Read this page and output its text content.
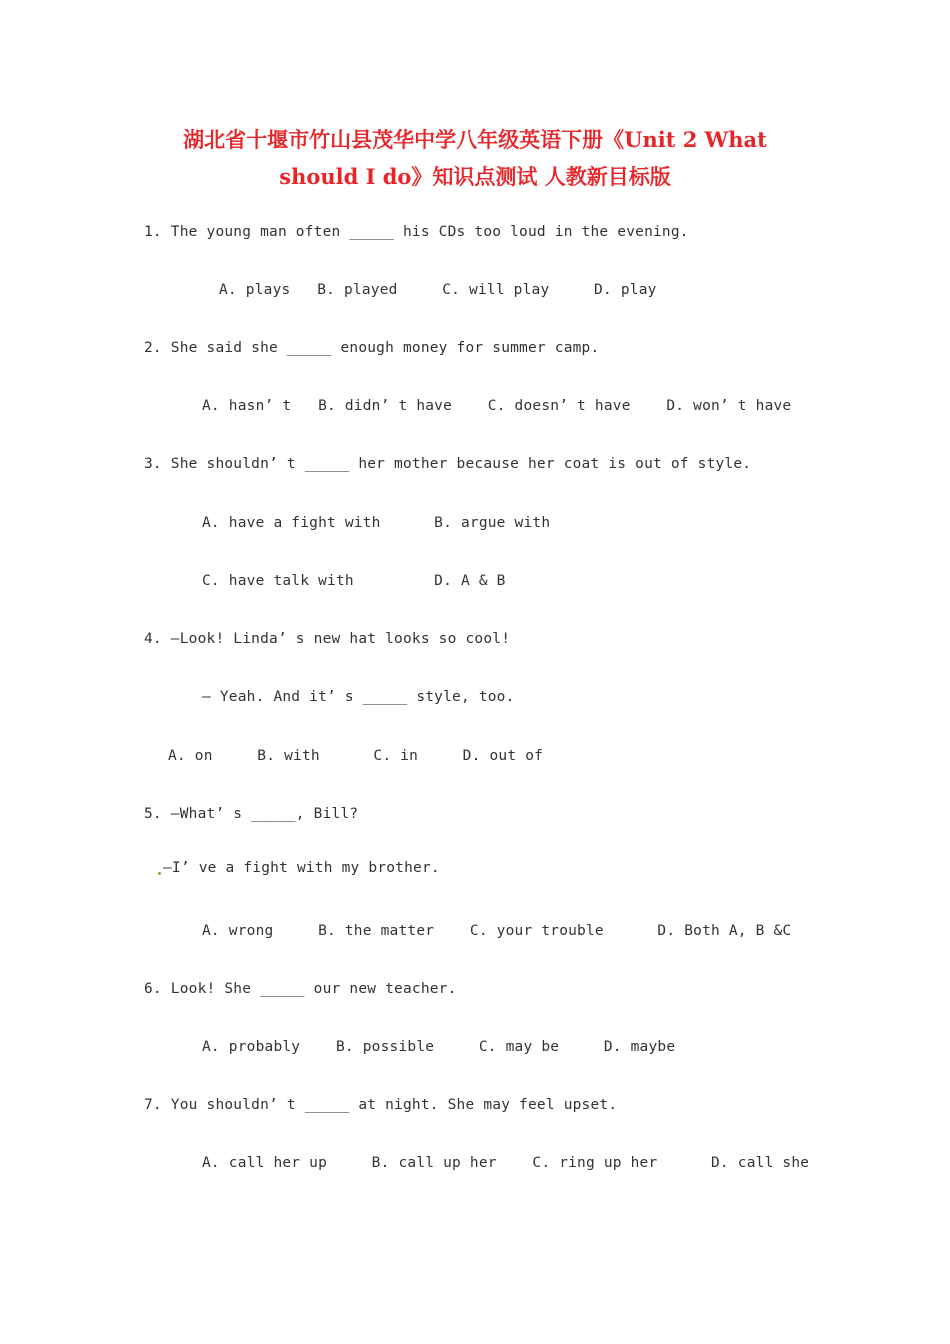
湖北省十堰市竹山县茂华中学八年级英语下册《Unit 2 What
should I do》知识点测试 人教新目标版
1. The young man often _____ his CDs too loud in the evening.
A. plays   B. played     C. will play     D. play
2. She said she _____ enough money for summer camp.
A. hasn’ t   B. didn’ t have    C. doesn’ t have    D. won’ t have
3. She shouldn’ t _____ her mother because her coat is out of style.
A. have a fight with      B. argue with
C. have talk with         D. A & B
4. —Look! Linda’ s new hat looks so cool!
— Yeah. And it’ s _____ style, too.
A. on     B. with      C. in     D. out of
5. —What’ s _____, Bill?
—I’ ve a fight with my brother.
A. wrong     B. the matter    C. your trouble      D. Both A, B &C
6. Look! She _____ our new teacher.
A. probably    B. possible     C. may be     D. maybe
7. You shouldn’ t _____ at night. She may feel upset.
A. call her up     B. call up her    C. ring up her      D. call she
